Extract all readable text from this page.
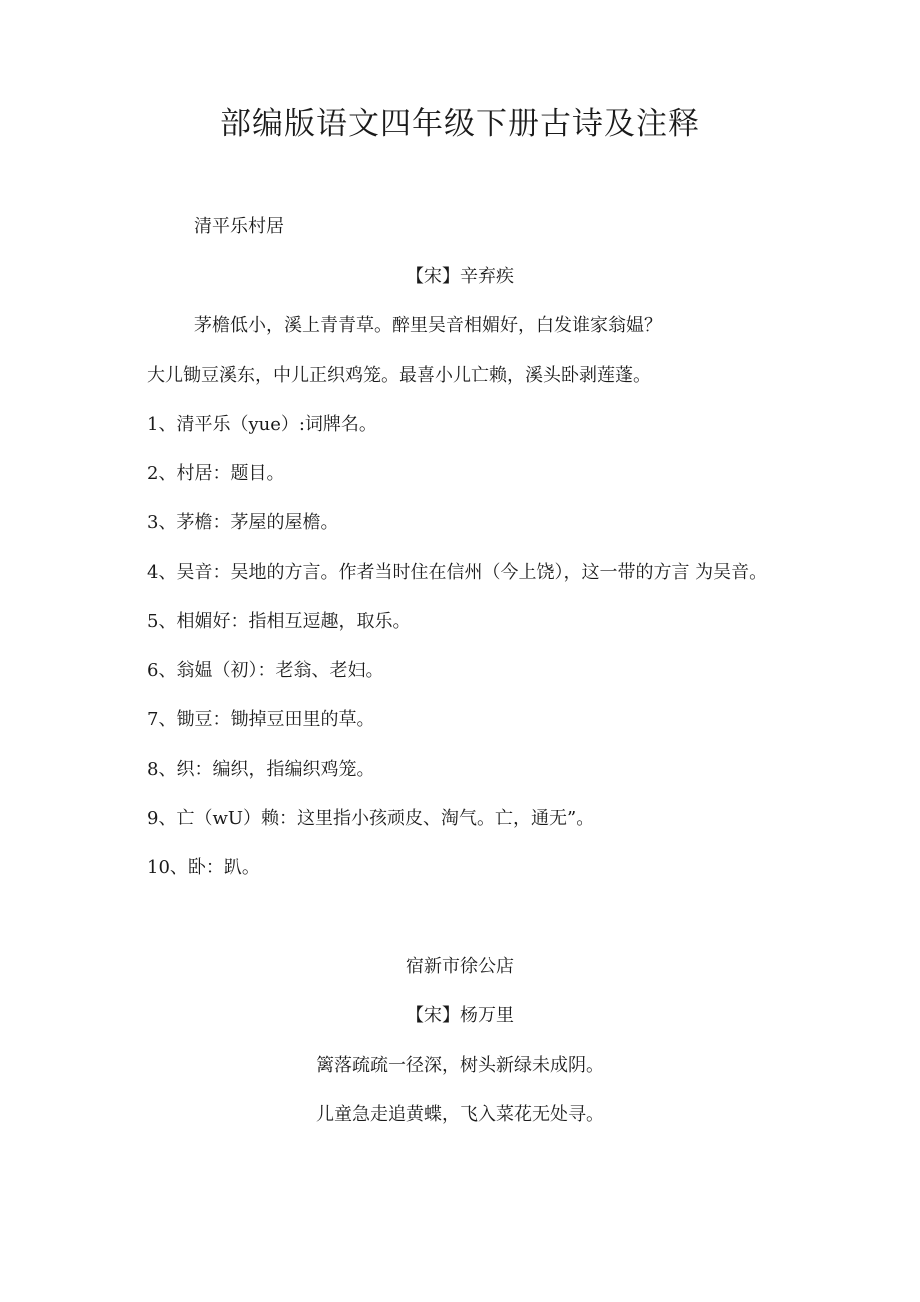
部编版语文四年级下册古诗及注释
清平乐村居
【宋】辛弃疾
茅檐低小，溪上青青草。醉里吴音相媚好，白发谁家翁媪？
大儿锄豆溪东，中儿正织鸡笼。最喜小儿亡赖，溪头卧剥莲蓬。
1、清平乐（yue）:词牌名。
2、村居：题目。
3、茅檐：茅屋的屋檐。
4、吴音：吴地的方言。作者当时住在信州（今上饶），这一带的方言 为吴音。
5、相媚好：指相互逗趣，取乐。
6、翁媪（初）：老翁、老妇。
7、锄豆：锄掉豆田里的草。
8、织：编织，指编织鸡笼。
9、亡（wU）赖：这里指小孩顽皮、淘气。亡，通无”。
10、卧：趴。
宿新市徐公店
【宋】杨万里
篱落疏疏一径深，树头新绿未成阴。
儿童急走追黄蝶，飞入菜花无处寻。
